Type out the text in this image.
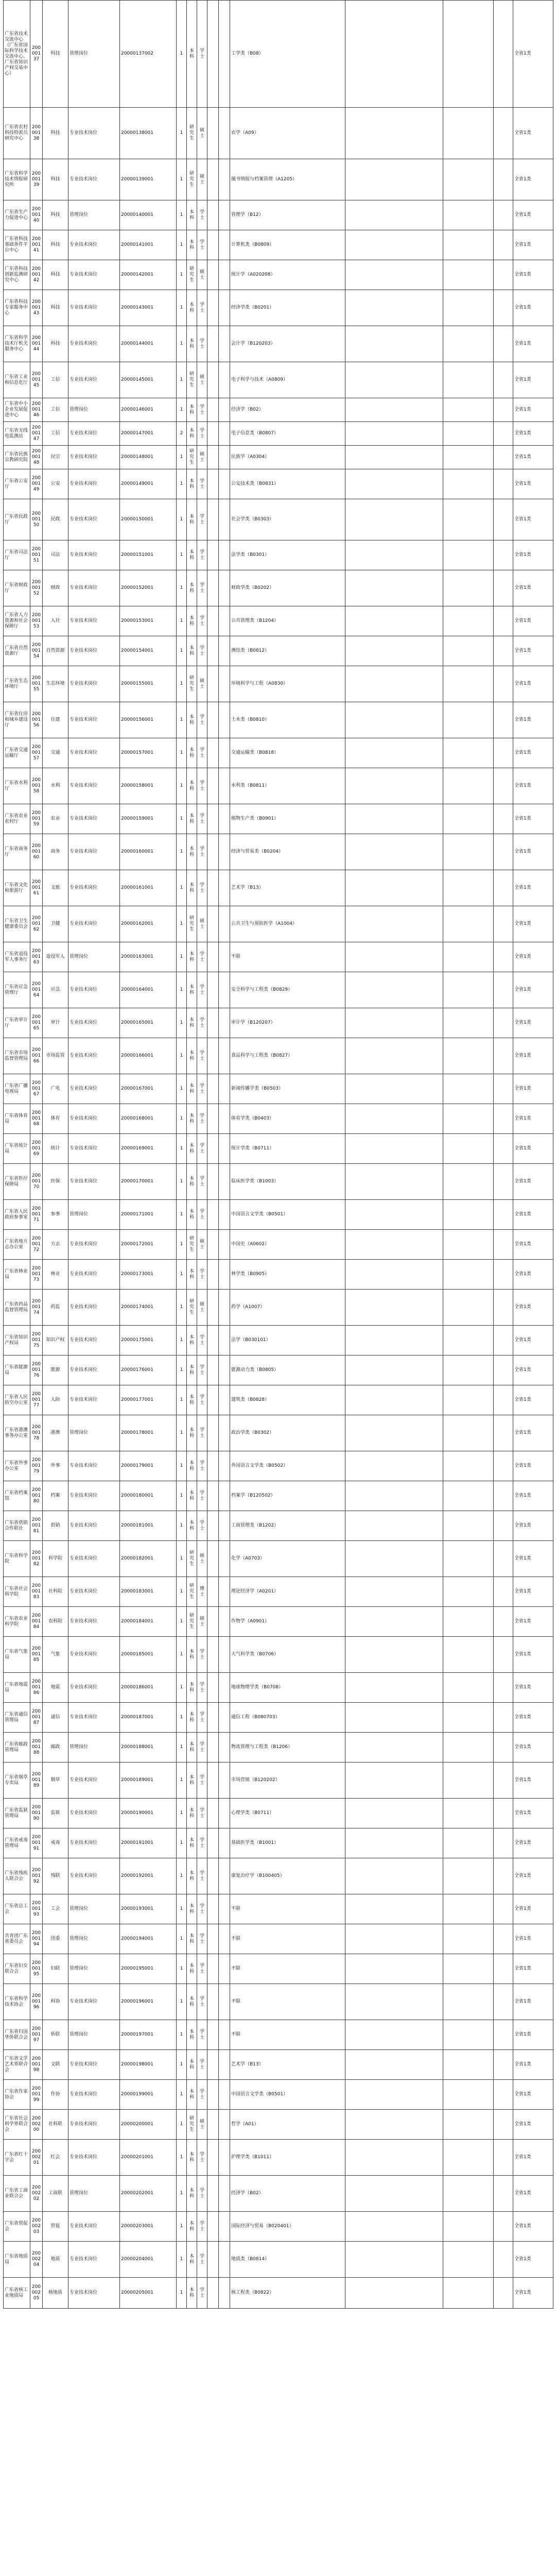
广东省技术交流中心（广东省国际科学技术交流中心、广东省知识产权交易中心）	20000137	科技	管理岗位	20000137002	1	本科	学士			工学类（B08）				全省1类
广东省农村科技特派员研究中心	20000138	科技	专业技术岗位	20000138001	1	研究生	硕士			农学（A09）				全省1类
广东省科学技术情报研究所	20000139	科技	专业技术岗位	20000139001	1	研究生	硕士			图书情报与档案管理（A1205）				全省1类
广东省生产力促进中心	20000140	科技	管理岗位	20000140001	1	本科	学士			管理学（B12）				全省1类
广东省科技基础条件平台中心	20000141	科技	专业技术岗位	20000141001	1	本科	学士			计算机类（B0809）				全省1类
广东省科技创新监测研究中心	20000142	科技	专业技术岗位	20000142001	1	研究生	硕士			统计学（A020208）				全省1类
广东省科技专家服务中心	20000143	科技	专业技术岗位	20000143001	1	本科	学士			经济学类（B0201）				全省1类
广东省科学技术厅机关服务中心	20000144	科技	专业技术岗位	20000144001	1	本科	学士			会计学（B120203）				全省1类
广东省工业和信息化厅	20000145	工信	专业技术岗位	20000145001	1	研究生	硕士			电子科学与技术（A0809）				全省1类
广东省中小企业发展促进中心	20000146	工信	管理岗位	20000146001	1	本科	学士			经济学（B02）				全省1类
广东省无线电监测站	20000147	工信	专业技术岗位	20000147001	2	本科	学士			电子信息类（B0807）				全省1类
广东省民族宗教研究院	20000148	民宗	专业技术岗位	20000148001	1	研究生	硕士			民族学（A0304）				全省1类
广东省公安厅	20000149	公安	专业技术岗位	20000149001	1	本科	学士			公安技术类（B0831）				全省1类
广东省民政厅	20000150	民政	专业技术岗位	20000150001	1	本科	学士			社会学类（B0303）				全省1类
广东省司法厅	20000151	司法	专业技术岗位	20000151001	1	本科	学士			法学类（B0301）				全省1类
广东省财政厅	20000152	财政	专业技术岗位	20000152001	1	本科	学士			财政学类（B0202）				全省1类
广东省人力资源和社会保障厅	20000153	人社	专业技术岗位	20000153001	1	本科	学士			公共管理类（B1204）				全省1类
广东省自然资源厅	20000154	自然资源	专业技术岗位	20000154001	1	本科	学士			测绘类（B0812）				全省1类
广东省生态环境厅	20000155	生态环境	专业技术岗位	20000155001	1	研究生	硕士			环境科学与工程（A0830）				全省1类
广东省住房和城乡建设厅	20000156	住建	专业技术岗位	20000156001	1	本科	学士			土木类（B0810）				全省1类
广东省交通运输厅	20000157	交通	专业技术岗位	20000157001	1	本科	学士			交通运输类（B0818）				全省1类
广东省水利厅	20000158	水利	专业技术岗位	20000158001	1	本科	学士			水利类（B0811）				全省1类
广东省农业农村厅	20000159	农业	专业技术岗位	20000159001	1	本科	学士			植物生产类（B0901）				全省1类
广东省商务厅	20000160	商务	专业技术岗位	20000160001	1	本科	学士			经济与贸易类（B0204）				全省1类
广东省文化和旅游厅	20000161	文旅	专业技术岗位	20000161001	1	本科	学士			艺术学（B13）				全省1类
广东省卫生健康委员会	20000162	卫健	专业技术岗位	20000162001	1	研究生	硕士			公共卫生与预防医学（A1004）				全省1类
广东省退役军人事务厅	20000163	退役军人	管理岗位	20000163001	1	本科	学士			不限				全省1类
广东省应急管理厅	20000164	应急	专业技术岗位	20000164001	1	本科	学士			安全科学与工程类（B0829）				全省1类
广东省审计厅	20000165	审计	专业技术岗位	20000165001	1	本科	学士			审计学（B120207）				全省1类
广东省市场监督管理局	20000166	市场监管	专业技术岗位	20000166001	1	本科	学士			食品科学与工程类（B0827）				全省1类
广东省广播电视局	20000167	广电	专业技术岗位	20000167001	1	本科	学士			新闻传播学类（B0503）				全省1类
广东省体育局	20000168	体育	专业技术岗位	20000168001	1	本科	学士			体育学类（B0403）				全省1类
广东省统计局	20000169	统计	专业技术岗位	20000169001	1	本科	学士			统计学类（B0711）				全省1类
广东省医疗保障局	20000170	医保	专业技术岗位	20000170001	1	本科	学士			临床医学类（B1003）				全省1类
广东省人民政府参事室	20000171	参事	管理岗位	20000171001	1	本科	学士			中国语言文学类（B0501）				全省1类
广东省地方志办公室	20000172	方志	专业技术岗位	20000172001	1	研究生	硕士			中国史（A0602）				全省1类
广东省林业局	20000173	林业	专业技术岗位	20000173001	1	本科	学士			林学类（B0905）				全省1类
广东省药品监督管理局	20000174	药监	专业技术岗位	20000174001	1	研究生	硕士			药学（A1007）				全省1类
广东省知识产权局	20000175	知识产权	专业技术岗位	20000175001	1	本科	学士			法学（B030101）				全省1类
广东省能源局	20000176	能源	专业技术岗位	20000176001	1	本科	学士			能源动力类（B0805）				全省1类
广东省人民防空办公室	20000177	人防	专业技术岗位	20000177001	1	本科	学士			建筑类（B0828）				全省1类
广东省港澳事务办公室	20000178	港澳	管理岗位	20000178001	1	本科	学士			政治学类（B0302）				全省1类
广东省外事办公室	20000179	外事	专业技术岗位	20000179001	1	本科	学士			外国语言文学类（B0502）				全省1类
广东省档案馆	20000180	档案	专业技术岗位	20000180001	1	本科	学士			档案学（B120502）				全省1类
广东省供销合作联社	20000181	供销	专业技术岗位	20000181001	1	本科	学士			工商管理类（B1202）				全省1类
广东省科学院	20000182	科学院	专业技术岗位	20000182001	1	研究生	硕士			化学（A0703）				全省1类
广东省社会科学院	20000183	社科院	专业技术岗位	20000183001	1	研究生	博士			理论经济学（A0201）				全省1类
广东省农业科学院	20000184	农科院	专业技术岗位	20000184001	1	研究生	硕士			作物学（A0901）				全省1类
广东省气象局	20000185	气象	专业技术岗位	20000185001	1	本科	学士			大气科学类（B0706）				全省1类
广东省地震局	20000186	地震	专业技术岗位	20000186001	1	本科	学士			地球物理学类（B0708）				全省1类
广东省通信管理局	20000187	通信	专业技术岗位	20000187001	1	本科	学士			通信工程（B080703）				全省1类
广东省邮政管理局	20000188	邮政	管理岗位	20000188001	1	本科	学士			物流管理与工程类（B1206）				全省1类
广东省烟草专卖局	20000189	烟草	专业技术岗位	20000189001	1	本科	学士			市场营销（B120202）				全省1类
广东省监狱管理局	20000190	监狱	专业技术岗位	20000190001	1	本科	学士			心理学类（B0711）				全省1类
广东省戒毒管理局	20000191	戒毒	专业技术岗位	20000191001	1	本科	学士			基础医学类（B1001）				全省1类
广东省残疾人联合会	20000192	残联	专业技术岗位	20000192001	1	本科	学士			康复治疗学（B100405）				全省1类
广东省总工会	20000193	工会	管理岗位	20000193001	1	本科	学士			不限				全省1类
共青团广东省委员会	20000194	团委	管理岗位	20000194001	1	本科	学士			不限				全省1类
广东省妇女联合会	20000195	妇联	管理岗位	20000195001	1	本科	学士			不限				全省1类
广东省科学技术协会	20000196	科协	专业技术岗位	20000196001	1	本科	学士			不限				全省1类
广东省归国华侨联合会	20000197	侨联	管理岗位	20000197001	1	本科	学士			不限				全省1类
广东省文学艺术界联合会	20000198	文联	专业技术岗位	20000198001	1	本科	学士			艺术学（B13）				全省1类
广东省作家协会	20000199	作协	专业技术岗位	20000199001	1	本科	学士			中国语言文学类（B0501）				全省1类
广东省社会科学界联合会	20000200	社科联	专业技术岗位	20000200001	1	研究生	硕士			哲学（A01）				全省1类
广东省红十字会	20000201	红会	专业技术岗位	20000201001	1	本科	学士			护理学类（B1011）				全省1类
广东省工商业联合会	20000202	工商联	管理岗位	20000202001	1	本科	学士			经济学（B02）				全省1类
广东省贸促会	20000203	贸促	专业技术岗位	20000203001	1	本科	学士			国际经济与贸易（B020401）				全省1类
广东省地质局	20000204	地质	专业技术岗位	20000204001	1	本科	学士			地质类（B0814）				全省1类
广东省核工业地质局	20000205	核地质	专业技术岗位	20000205001	1	本科	学士			核工程类（B0822）				全省1类
